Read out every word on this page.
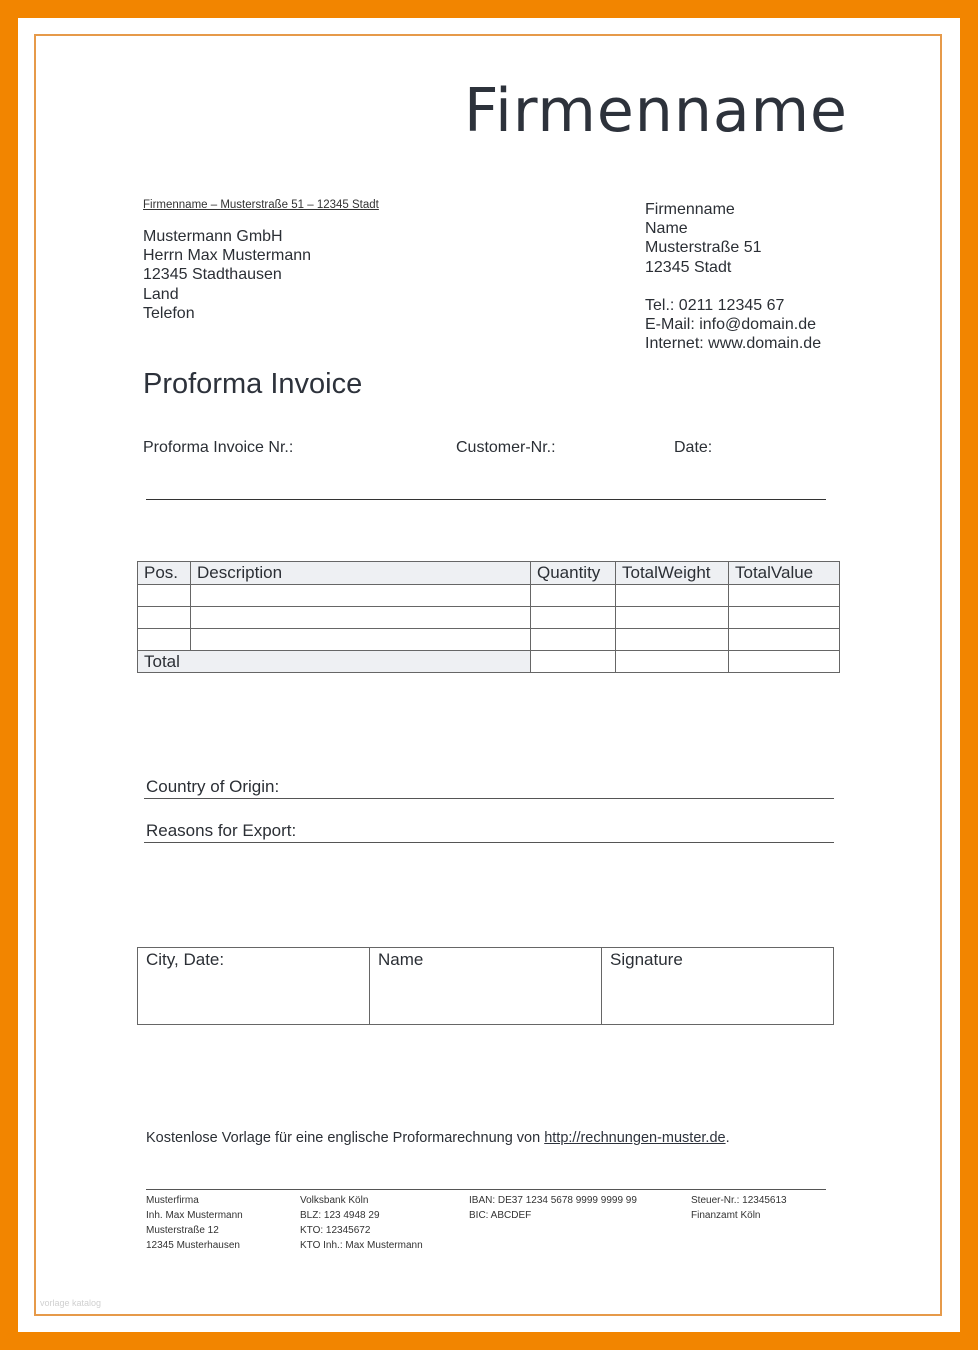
Firmenname
Firmenname – Musterstraße 51 – 12345 Stadt
Mustermann GmbH
Herrn Max Mustermann
12345 Stadthausen
Land
Telefon
Firmenname
Name
Musterstraße 51
12345 Stadt
Tel.: 0211 12345 67
E-Mail: info@domain.de
Internet: www.domain.de
Proforma Invoice
Proforma Invoice Nr.:	Customer-Nr.:	Date:
Pos.	Description	Quantity	TotalWeight	TotalValue

Total				
Country of Origin:
Reasons for Export:
City, Date:	Name	Signature
Kostenlose Vorlage für eine englische Proformarechnung von http://rechnungen-muster.de.
Musterfirma
Inh. Max Mustermann
Musterstraße 12
12345 Musterhausen
Volksbank Köln
BLZ: 123 4948 29
KTO: 12345672
KTO Inh.: Max Mustermann
IBAN: DE37 1234 5678 9999 9999 99
BIC: ABCDEF
Steuer-Nr.: 12345613
Finanzamt Köln
vorlage katalog
